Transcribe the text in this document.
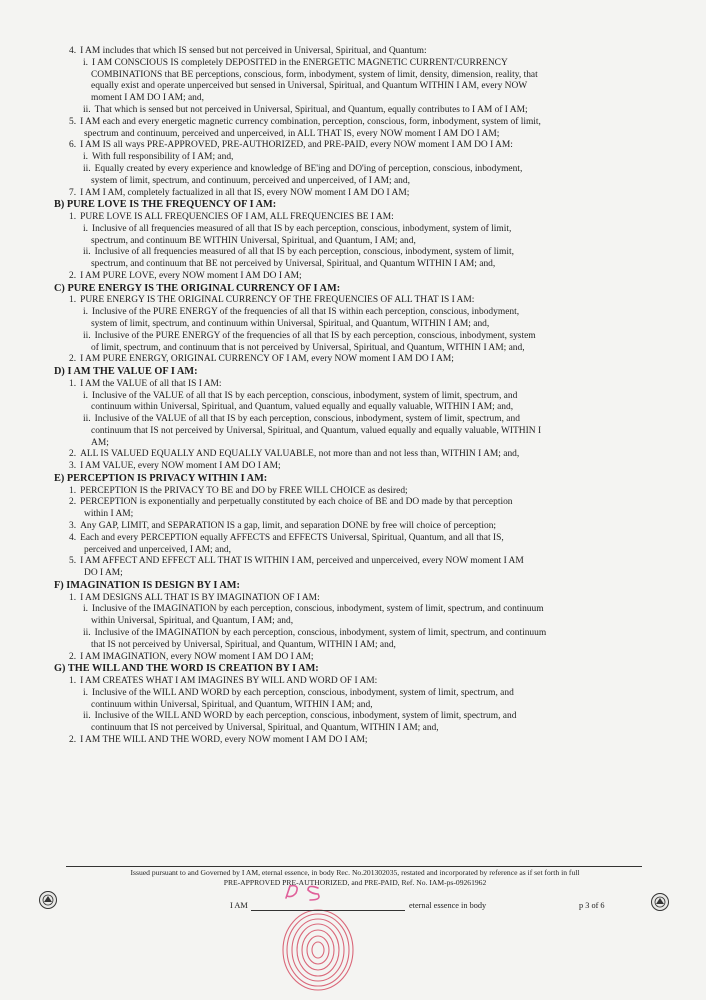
4. I AM includes that which IS sensed but not perceived in Universal, Spiritual, and Quantum:
i. I AM CONSCIOUS IS completely DEPOSITED in the ENERGETIC MAGNETIC CURRENT/CURRENCY
COMBINATIONS that BE perceptions, conscious, form, inbodyment, system of limit, density, dimension, reality, that
equally exist and operate unperceived but sensed in Universal, Spiritual, and Quantum WITHIN I AM, every NOW
moment I AM DO I AM; and,
ii. That which is sensed but not perceived in Universal, Spiritual, and Quantum, equally contributes to I AM of I AM;
5. I AM each and every energetic magnetic currency combination, perception, conscious, form, inbodyment, system of limit,
spectrum and continuum, perceived and unperceived, in ALL THAT IS, every NOW moment I AM DO I AM;
6. I AM IS all ways PRE-APPROVED, PRE-AUTHORIZED, and PRE-PAID, every NOW moment I AM DO I AM:
i. With full responsibility of I AM; and,
ii. Equally created by every experience and knowledge of BE'ing and DO'ing of perception, conscious, inbodyment,
system of limit, spectrum, and continuum, perceived and unperceived, of I AM; and,
7. I AM I AM, completely factualized in all that IS, every NOW moment I AM DO I AM;
B) PURE LOVE IS THE FREQUENCY OF I AM:
1. PURE LOVE IS ALL FREQUENCIES OF I AM, ALL FREQUENCIES BE I AM:
i. Inclusive of all frequencies measured of all that IS by each perception, conscious, inbodyment, system of limit,
spectrum, and continuum BE WITHIN Universal, Spiritual, and Quantum, I AM; and,
ii. Inclusive of all frequencies measured of all that IS by each perception, conscious, inbodyment, system of limit,
spectrum, and continuum that BE not perceived by Universal, Spiritual, and Quantum WITHIN I AM; and,
2. I AM PURE LOVE, every NOW moment I AM DO I AM;
C) PURE ENERGY IS THE ORIGINAL CURRENCY OF I AM:
1. PURE ENERGY IS THE ORIGINAL CURRENCY OF THE FREQUENCIES OF ALL THAT IS I AM:
i. Inclusive of the PURE ENERGY of the frequencies of all that IS within each perception, conscious, inbodyment,
system of limit, spectrum, and continuum within Universal, Spiritual, and Quantum, WITHIN I AM; and,
ii. Inclusive of the PURE ENERGY of the frequencies of all that IS by each perception, conscious, inbodyment, system
of limit, spectrum, and continuum that is not perceived by Universal, Spiritual, and Quantum, WITHIN I AM; and,
2. I AM PURE ENERGY, ORIGINAL CURRENCY OF I AM, every NOW moment I AM DO I AM;
D) I AM THE VALUE OF I AM:
1. I AM the VALUE of all that IS I AM:
i. Inclusive of the VALUE of all that IS by each perception, conscious, inbodyment, system of limit, spectrum, and
continuum within Universal, Spiritual, and Quantum, valued equally and equally valuable, WITHIN I AM; and,
ii. Inclusive of the VALUE of all that IS by each perception, conscious, inbodyment, system of limit, spectrum, and
continuum that IS not perceived by Universal, Spiritual, and Quantum, valued equally and equally valuable, WITHIN I
AM;
2. ALL IS VALUED EQUALLY AND EQUALLY VALUABLE, not more than and not less than, WITHIN I AM; and,
3. I AM VALUE, every NOW moment I AM DO I AM;
E) PERCEPTION IS PRIVACY WITHIN I AM:
1. PERCEPTION IS the PRIVACY TO BE and DO by FREE WILL CHOICE as desired;
2. PERCEPTION is exponentially and perpetually constituted by each choice of BE and DO made by that perception
within I AM;
3. Any GAP, LIMIT, and SEPARATION IS a gap, limit, and separation DONE by free will choice of perception;
4. Each and every PERCEPTION equally AFFECTS and EFFECTS Universal, Spiritual, Quantum, and all that IS,
perceived and unperceived, I AM; and,
5. I AM AFFECT AND EFFECT ALL THAT IS WITHIN I AM, perceived and unperceived, every NOW moment I AM
DO I AM;
F) IMAGINATION IS DESIGN BY I AM:
1. I AM DESIGNS ALL THAT IS BY IMAGINATION OF I AM:
i. Inclusive of the IMAGINATION by each perception, conscious, inbodyment, system of limit, spectrum, and continuum
within Universal, Spiritual, and Quantum, I AM; and,
ii. Inclusive of the IMAGINATION by each perception, conscious, inbodyment, system of limit, spectrum, and continuum
that IS not perceived by Universal, Spiritual, and Quantum, WITHIN I AM; and,
2. I AM IMAGINATION, every NOW moment I AM DO I AM;
G) THE WILL AND THE WORD IS CREATION BY I AM:
1. I AM CREATES WHAT I AM IMAGINES BY WILL AND WORD OF I AM:
i. Inclusive of the WILL AND WORD by each perception, conscious, inbodyment, system of limit, spectrum, and
continuum within Universal, Spiritual, and Quantum, WITHIN I AM; and,
ii. Inclusive of the WILL AND WORD by each perception, conscious, inbodyment, system of limit, spectrum, and
continuum that IS not perceived by Universal, Spiritual, and Quantum, WITHIN I AM; and,
2. I AM THE WILL AND THE WORD, every NOW moment I AM DO I AM;
Issued pursuant to and Governed by I AM, eternal essence, in body Rec. No.201302035, restated and incorporated by reference as if set forth in full
PRE-APPROVED PRE-AUTHORIZED, and PRE-PAID, Ref. No. IAM-ps-09261962
I AM	eternal essence in body	p 3 of 6
